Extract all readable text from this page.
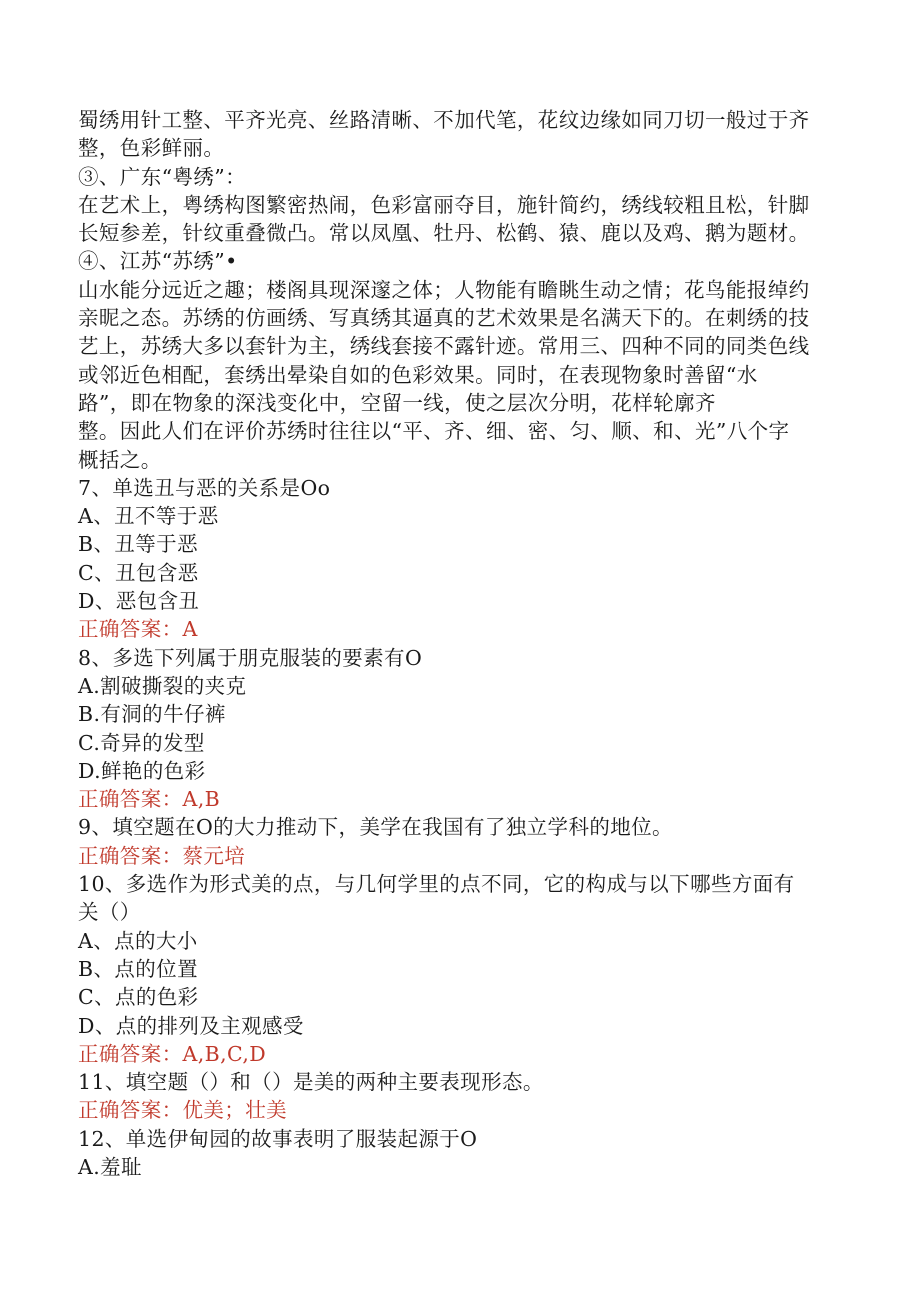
蜀绣用针工整、平齐光亮、丝路清晰、不加代笔，花纹边缘如同刀切一般过于齐
整，色彩鲜丽。
③、广东“粤绣”：
在艺术上，粤绣构图繁密热闹，色彩富丽夺目，施针简约，绣线较粗且松，针脚
长短参差，针纹重叠微凸。常以凤凰、牡丹、松鹤、猿、鹿以及鸡、鹅为题材。
④、江苏“苏绣”•
山水能分远近之趣；楼阁具现深邃之体；人物能有瞻眺生动之情；花鸟能报绰约
亲昵之态。苏绣的仿画绣、写真绣其逼真的艺术效果是名满天下的。在刺绣的技
艺上，苏绣大多以套针为主，绣线套接不露针迹。常用三、四种不同的同类色线
或邻近色相配，套绣出晕染自如的色彩效果。同时，在表现物象时善留“水
路”，即在物象的深浅变化中，空留一线，使之层次分明，花样轮廓齐
整。因此人们在评价苏绣时往往以“平、齐、细、密、匀、顺、和、光”八个字
概括之。
7、单选丑与恶的关系是Oo
A、丑不等于恶
B、丑等于恶
C、丑包含恶
D、恶包含丑
正确答案：A
8、多选下列属于朋克服装的要素有O
A.割破撕裂的夹克
B.有洞的牛仔裤
C.奇异的发型
D.鲜艳的色彩
正确答案：A,B
9、填空题在O的大力推动下，美学在我国有了独立学科的地位。
正确答案：蔡元培
10、多选作为形式美的点，与几何学里的点不同，它的构成与以下哪些方面有
关（）
A、点的大小
B、点的位置
C、点的色彩
D、点的排列及主观感受
正确答案：A,B,C,D
11、填空题（）和（）是美的两种主要表现形态。
正确答案：优美；壮美
12、单选伊甸园的故事表明了服装起源于O
A.羞耻
